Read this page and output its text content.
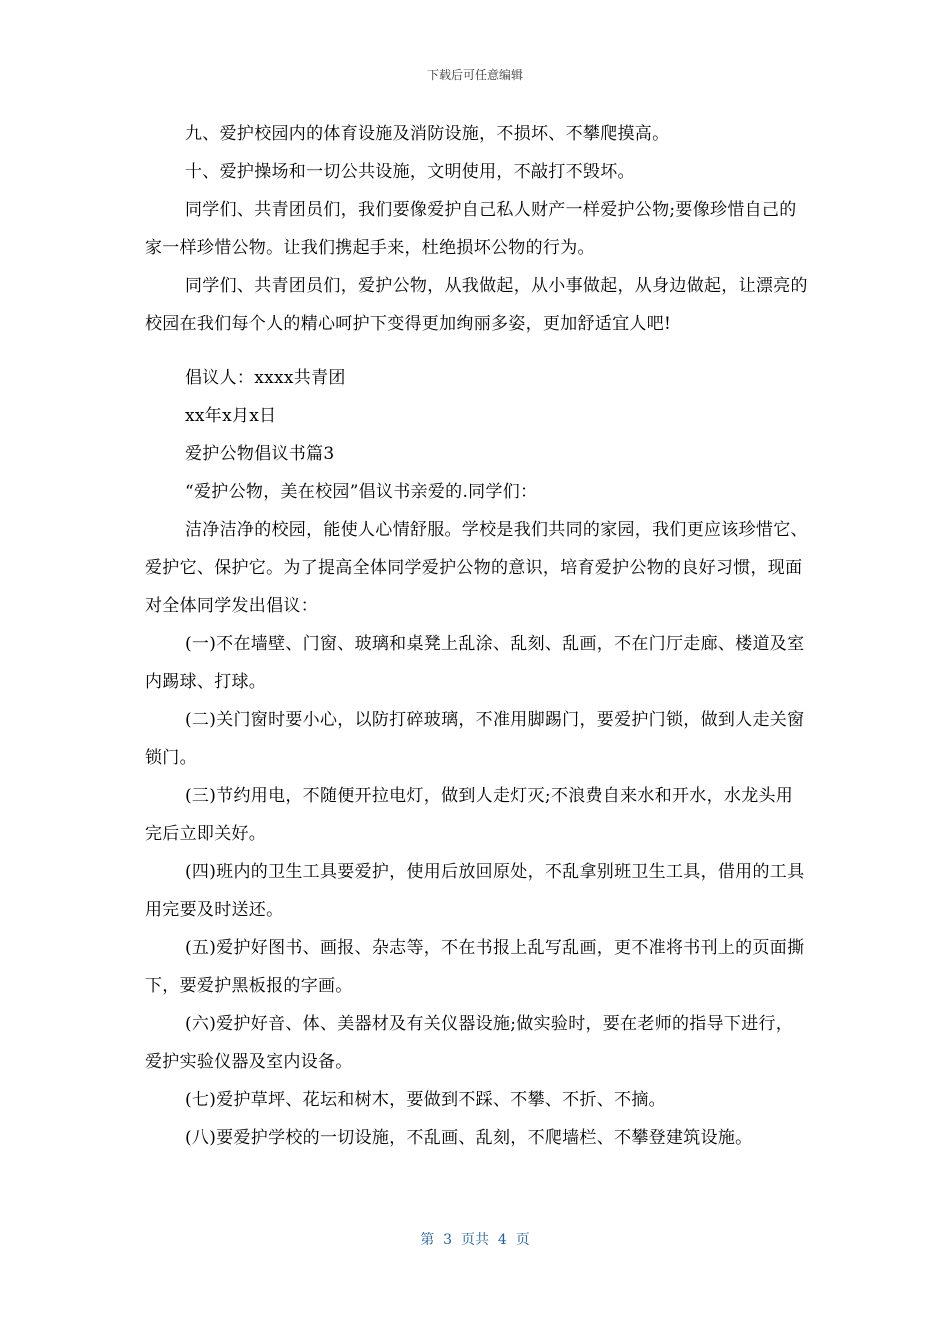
下载后可任意编辑

九、爱护校园内的体育设施及消防设施，不损坏、不攀爬摸高。

十、爱护操场和一切公共设施，文明使用，不敲打不毁坏。

同学们、共青团员们，我们要像爱护自己私人财产一样爱护公物;要像珍惜自己的家一样珍惜公物。让我们携起手来，杜绝损坏公物的行为。

同学们、共青团员们，爱护公物，从我做起，从小事做起，从身边做起，让漂亮的校园在我们每个人的精心呵护下变得更加绚丽多姿，更加舒适宜人吧!

倡议人：xxxx共青团

xx年x月x日

爱护公物倡议书篇3

“爱护公物，美在校园”倡议书亲爱的.同学们：

洁净洁净的校园，能使人心情舒服。学校是我们共同的家园，我们更应该珍惜它、爱护它、保护它。为了提高全体同学爱护公物的意识，培育爱护公物的良好习惯，现面对全体同学发出倡议：

(一)不在墙壁、门窗、玻璃和桌凳上乱涂、乱刻、乱画，不在门厅走廊、楼道及室内踢球、打球。

(二)关门窗时要小心，以防打碎玻璃，不准用脚踢门，要爱护门锁，做到人走关窗锁门。

(三)节约用电，不随便开拉电灯，做到人走灯灭;不浪费自来水和开水，水龙头用完后立即关好。

(四)班内的卫生工具要爱护，使用后放回原处，不乱拿别班卫生工具，借用的工具用完要及时送还。

(五)爱护好图书、画报、杂志等，不在书报上乱写乱画，更不准将书刊上的页面撕下，要爱护黑板报的字画。

(六)爱护好音、体、美器材及有关仪器设施;做实验时，要在老师的指导下进行，爱护实验仪器及室内设备。

(七)爱护草坪、花坛和树木，要做到不踩、不攀、不折、不摘。

(八)要爱护学校的一切设施，不乱画、乱刻，不爬墙栏、不攀登建筑设施。

第  3  页共  4  页
